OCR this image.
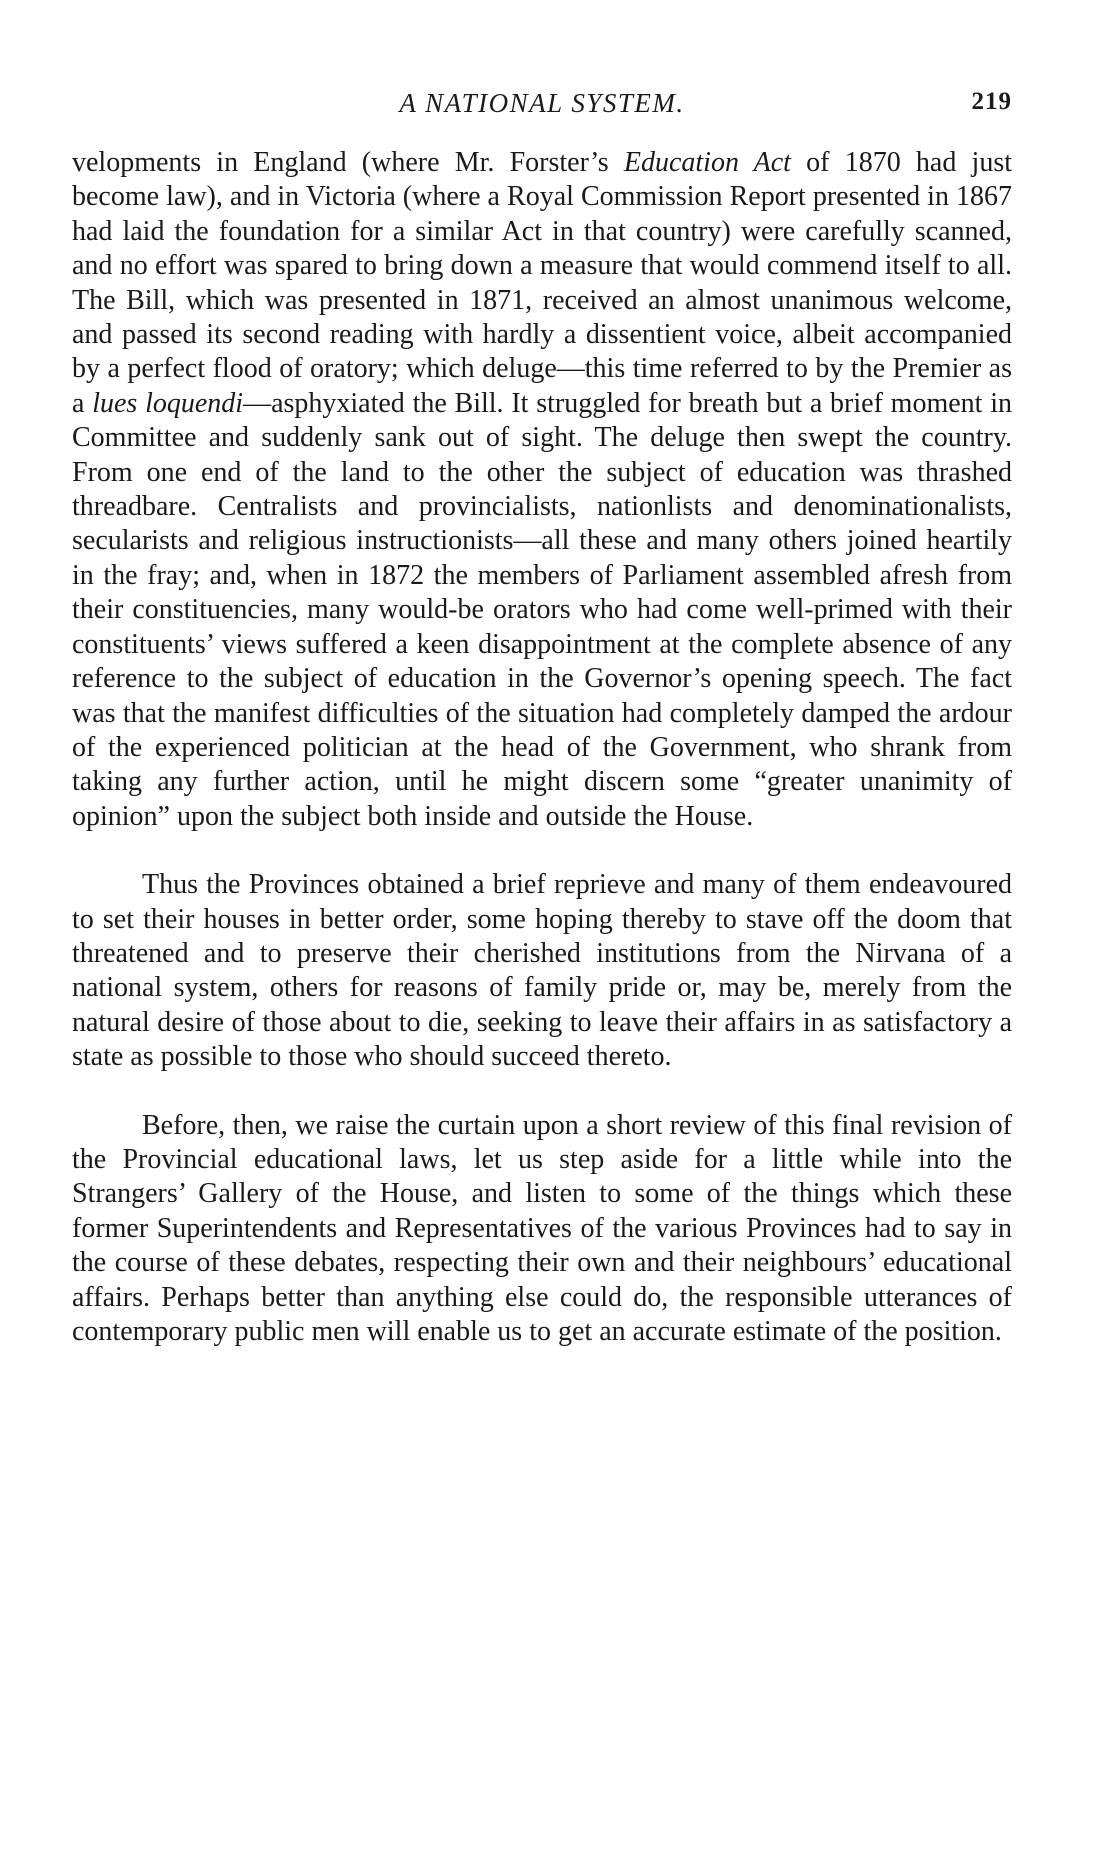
A NATIONAL SYSTEM.	219

velopments in England (where Mr. Forster’s Education Act of 1870 had just become law), and in Victoria (where a Royal Commission Report presented in 1867 had laid the foundation for a similar Act in that country) were carefully scanned, and no effort was spared to bring down a measure that would commend itself to all. The Bill, which was presented in 1871, received an almost unanimous welcome, and passed its second reading with hardly a dissentient voice, albeit accompanied by a perfect flood of oratory; which deluge—this time referred to by the Premier as a lues loquendi—asphyxiated the Bill. It struggled for breath but a brief moment in Committee and suddenly sank out of sight. The deluge then swept the country. From one end of the land to the other the subject of education was thrashed threadbare. Centralists and provincialists, nationlists and denominationalists, secularists and religious instructionists—all these and many others joined heartily in the fray; and, when in 1872 the members of Parliament assembled afresh from their constituencies, many would-be orators who had come well-primed with their constituents’ views suffered a keen disappointment at the complete absence of any reference to the subject of education in the Governor’s opening speech. The fact was that the manifest difficulties of the situation had completely damped the ardour of the experienced politician at the head of the Government, who shrank from taking any further action, until he might discern some “greater unanimity of opinion” upon the subject both inside and outside the House.

Thus the Provinces obtained a brief reprieve and many of them endeavoured to set their houses in better order, some hoping thereby to stave off the doom that threatened and to preserve their cherished institutions from the Nirvana of a national system, others for reasons of family pride or, may be, merely from the natural desire of those about to die, seeking to leave their affairs in as satisfactory a state as possible to those who should succeed thereto.

Before, then, we raise the curtain upon a short review of this final revision of the Provincial educational laws, let us step aside for a little while into the Strangers’ Gallery of the House, and listen to some of the things which these former Superintendents and Representatives of the various Provinces had to say in the course of these debates, respecting their own and their neighbours’ educational affairs. Perhaps better than anything else could do, the responsible utterances of contemporary public men will enable us to get an accurate estimate of the position.
